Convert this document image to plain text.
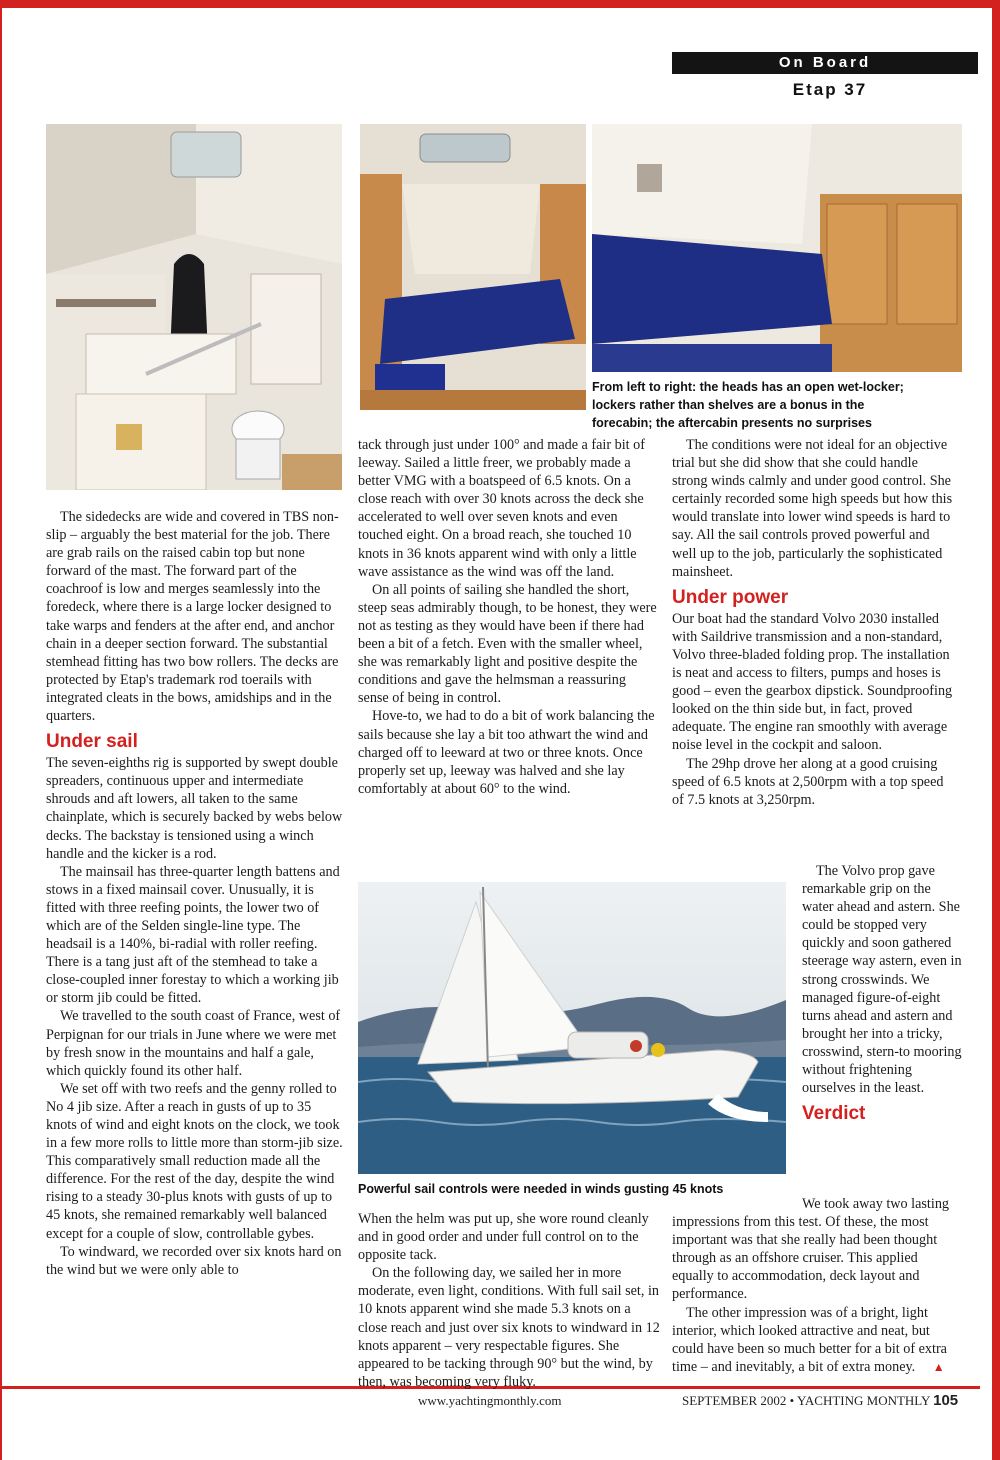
On Board
Etap 37
From left to right: the heads has an open wet-locker; lockers rather than shelves are a bonus in the forecabin; the aftercabin presents no surprises

The sidedecks are wide and covered in TBS non-slip – arguably the best material for the job. There are grab rails on the raised cabin top but none forward of the mast. The forward part of the coachroof is low and merges seamlessly into the foredeck, where there is a large locker designed to take warps and fenders at the after end, and anchor chain in a deeper section forward. The substantial stemhead fitting has two bow rollers. The decks are protected by Etap's trademark rod toerails with integrated cleats in the bows, amidships and in the quarters.

Under sail

The seven-eighths rig is supported by swept double spreaders, continuous upper and intermediate shrouds and aft lowers, all taken to the same chainplate, which is securely backed by webs below decks. The backstay is tensioned using a winch handle and the kicker is a rod.

The mainsail has three-quarter length battens and stows in a fixed mainsail cover. Unusually, it is fitted with three reefing points, the lower two of which are of the Selden single-line type. The headsail is a 140%, bi-radial with roller reefing. There is a tang just aft of the stemhead to take a close-coupled inner forestay to which a working jib or storm jib could be fitted.

We travelled to the south coast of France, west of Perpignan for our trials in June where we were met by fresh snow in the mountains and half a gale, which quickly found its other half.

We set off with two reefs and the genny rolled to No 4 jib size. After a reach in gusts of up to 35 knots of wind and eight knots on the clock, we took in a few more rolls to little more than storm-jib size. This comparatively small reduction made all the difference. For the rest of the day, despite the wind rising to a steady 30-plus knots with gusts of up to 45 knots, she remained remarkably well balanced except for a couple of slow, controllable gybes.

To windward, we recorded over six knots hard on the wind but we were only able to

tack through just under 100° and made a fair bit of leeway. Sailed a little freer, we probably made a better VMG with a boatspeed of 6.5 knots. On a close reach with over 30 knots across the deck she accelerated to well over seven knots and even touched eight. On a broad reach, she touched 10 knots in 36 knots apparent wind with only a little wave assistance as the wind was off the land.

On all points of sailing she handled the short, steep seas admirably though, to be honest, they were not as testing as they would have been if there had been a bit of a fetch. Even with the smaller wheel, she was remarkably light and positive despite the conditions and gave the helmsman a reassuring sense of being in control.

Hove-to, we had to do a bit of work balancing the sails because she lay a bit too athwart the wind and charged off to leeward at two or three knots. Once properly set up, leeway was halved and she lay comfortably at about 60° to the wind.

Powerful sail controls were needed in winds gusting 45 knots

When the helm was put up, she wore round cleanly and in good order and under full control on to the opposite tack.

On the following day, we sailed her in more moderate, even light, conditions. With full sail set, in 10 knots apparent wind she made 5.3 knots on a close reach and just over six knots to windward in 12 knots apparent – very respectable figures. She appeared to be tacking through 90° but the wind, by then, was becoming very fluky.

The conditions were not ideal for an objective trial but she did show that she could handle strong winds calmly and under good control. She certainly recorded some high speeds but how this would translate into lower wind speeds is hard to say. All the sail controls proved powerful and well up to the job, particularly the sophisticated mainsheet.

Under power

Our boat had the standard Volvo 2030 installed with Saildrive transmission and a non-standard, Volvo three-bladed folding prop. The installation is neat and access to filters, pumps and hoses is good – even the gearbox dipstick. Soundproofing looked on the thin side but, in fact, proved adequate. The engine ran smoothly with average noise level in the cockpit and saloon.

The 29hp drove her along at a good cruising speed of 6.5 knots at 2,500rpm with a top speed of 7.5 knots at 3,250rpm.

The Volvo prop gave remarkable grip on the water ahead and astern. She could be stopped very quickly and soon gathered steerage way astern, even in strong crosswinds. We managed figure-of-eight turns ahead and astern and brought her into a tricky, crosswind, stern-to mooring without frightening ourselves in the least.

Verdict

We took away two lasting impressions from this test. Of these, the most important was that she really had been thought through as an offshore cruiser. This applied equally to accommodation, deck layout and performance.

The other impression was of a bright, light interior, which looked attractive and neat, but could have been so much better for a bit of extra time – and inevitably, a bit of extra money. ▲

www.yachtingmonthly.com	SEPTEMBER 2002 • YACHTING MONTHLY 105
